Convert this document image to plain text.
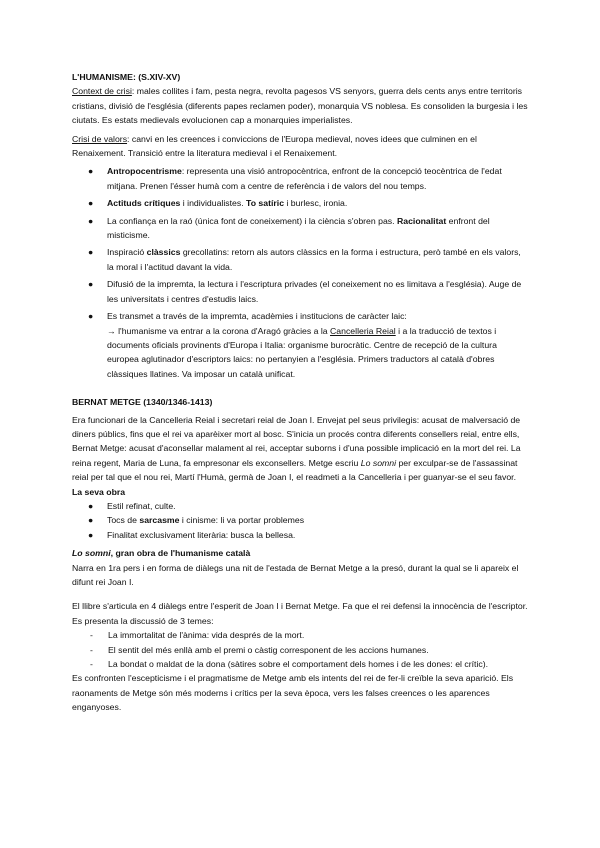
L'HUMANISME: (S.XIV-XV)

Context de crisi: males collites i fam, pesta negra, revolta pagesos VS senyors, guerra dels cents anys entre territoris cristians, divisió de l'església (diferents papes reclamen poder), monarquia VS noblesa. Es consoliden la burgesia i les ciutats. Es estats medievals evolucionen cap a monarquies imperialistes.

Crisi de valors: canvi en les creences i conviccions de l'Europa medieval, noves idees que culminen en el Renaixement. Transició entre la literatura medieval i el Renaixement.

● Antropocentrisme: representa una visió antropocèntrica, enfront de la concepció teocèntrica de l'edat mitjana. Prenen l'ésser humà com a centre de referència i de valors del nou temps.
● Actituds crítiques i individualistes. To satíric i burlesc, ironia.
● La confiança en la raó (única font de coneixement) i la ciència s'obren pas. Racionalitat enfront del misticisme.
● Inspiració clàssics grecollatins: retorn als autors clàssics en la forma i estructura, però també en els valors, la moral i l'actitud davant la vida.
● Difusió de la impremta, la lectura i l'escriptura privades (el coneixement no es limitava a l'església). Auge de les universitats i centres d'estudis laics.
● Es transmet a través de la impremta, acadèmies i institucions de caràcter laic:
→ l'humanisme va entrar a la corona d'Aragó gràcies a la Cancelleria Reial i a la traducció de textos i documents oficials provinents d'Europa i Italia: organisme burocràtic. Centre de recepció de la cultura europea aglutinador d'escriptors laics: no pertanyien a l'església. Primers traductors al català d'obres clàssiques llatines. Va imposar un català unificat.

BERNAT METGE (1340/1346-1413)

Era funcionari de la Cancelleria Reial i secretari reial de Joan I. Envejat pel seus privilegis: acusat de malversació de diners públics, fins que el rei va aparèixer mort al bosc. S'inicia un procés contra diferents consellers reial, entre ells, Bernat Metge: acusat d'aconsellar malament al rei, acceptar suborns i d'una possible implicació en la mort del rei. La reina regent, Maria de Luna, fa empresonar els exconsellers. Metge escriu Lo somni per exculpar-se de l'assassinat reial per tal que el nou rei, Martí l'Humà, germà de Joan I, el readmeti a la Cancelleria i per guanyar-se el seu favor.

La seva obra

● Estil refinat, culte.
● Tocs de sarcasme i cinisme: li va portar problemes
● Finalitat exclusivament literària: busca la bellesa.

Lo somni, gran obra de l'humanisme català

Narra en 1ra pers i en forma de diàlegs una nit de l'estada de Bernat Metge a la presó, durant la qual se li apareix el difunt rei Joan I.

El llibre s'articula en 4 diàlegs entre l'esperit de Joan I i Bernat Metge. Fa que el rei defensi la innocència de l'escriptor.

Es presenta la discussió de 3 temes:

- La immortalitat de l'ànima: vida després de la mort.
- El sentit del més enllà amb el premi o càstig corresponent de les accions humanes.
- La bondat o maldat de la dona (sàtires sobre el comportament dels homes i de les dones: el crític).

Es confronten l'escepticisme i el pragmatisme de Metge amb els intents del rei de fer-li creïble la seva aparició. Els raonaments de Metge són més moderns i crítics per la seva època, vers les falses creences o les aparences enganyoses.
